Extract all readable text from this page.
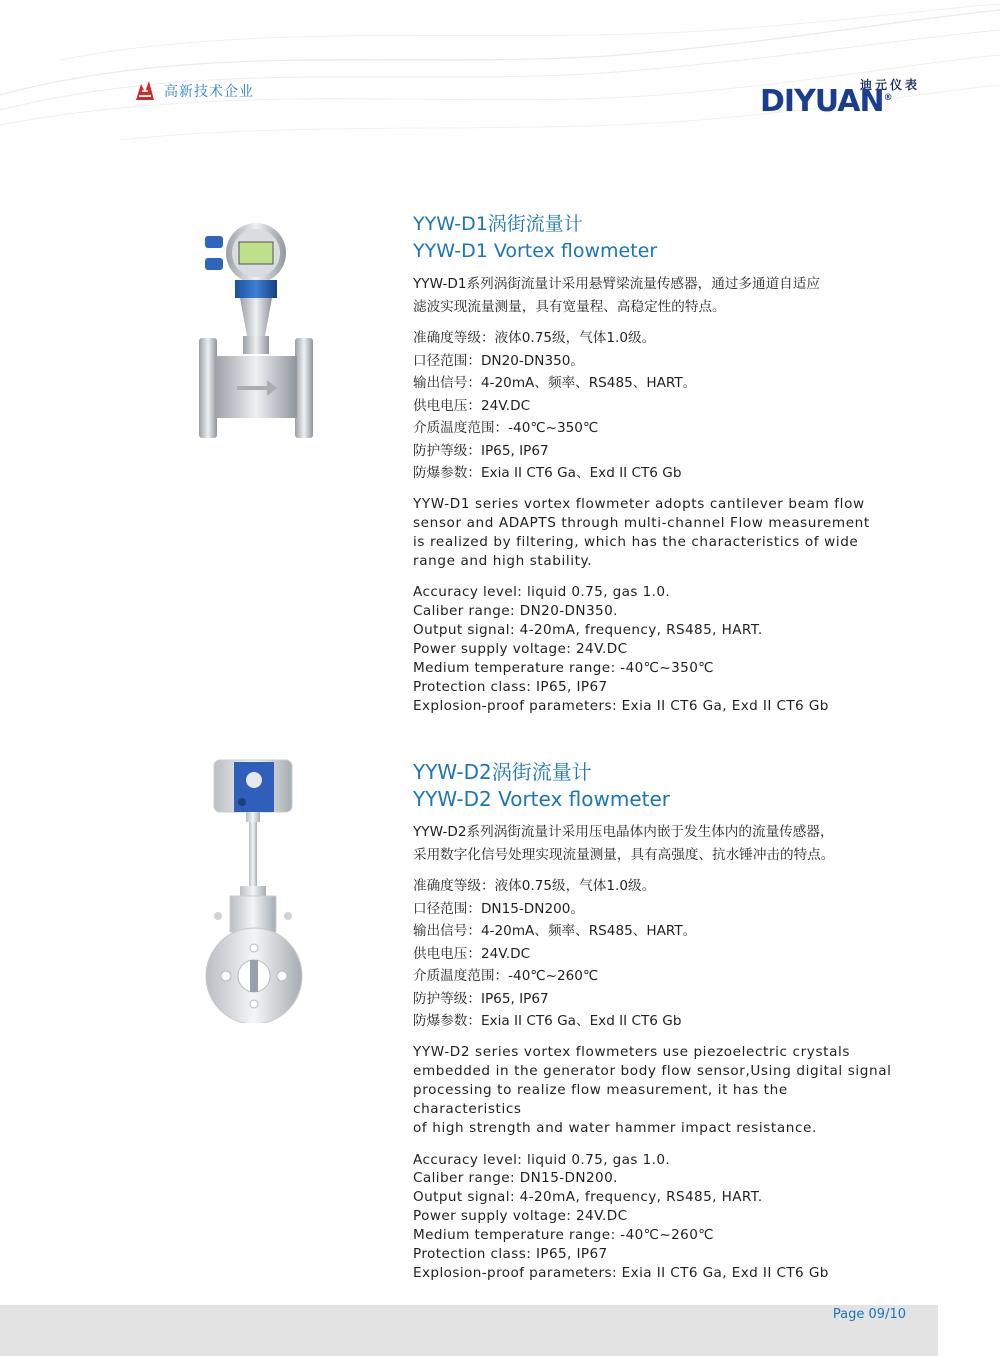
高新技术企业	迪元仪表
DIYUAN®
YYW-D1涡街流量计
YYW-D1 Vortex flowmeter

YYW-D1系列涡街流量计采用悬臂梁流量传感器，通过多通道自适应
滤波实现流量测量，具有宽量程、高稳定性的特点。

准确度等级：液体0.75级，气体1.0级。
口径范围：DN20-DN350。
输出信号：4-20mA、频率、RS485、HART。
供电电压：24V.DC
介质温度范围：-40℃~350℃
防护等级：IP65, IP67
防爆参数：Exia II CT6 Ga、Exd II CT6 Gb

YYW-D1 series vortex flowmeter adopts cantilever beam flow
sensor and ADAPTS through multi-channel Flow measurement
is realized by filtering, which has the characteristics of wide
range and high stability.

Accuracy level: liquid 0.75, gas 1.0.
Caliber range: DN20-DN350.
Output signal: 4-20mA, frequency, RS485, HART.
Power supply voltage: 24V.DC
Medium temperature range: -40℃~350℃
Protection class: IP65, IP67
Explosion-proof parameters: Exia II CT6 Ga, Exd II CT6 Gb
YYW-D2涡街流量计
YYW-D2 Vortex flowmeter

YYW-D2系列涡街流量计采用压电晶体内嵌于发生体内的流量传感器，
采用数字化信号处理实现流量测量，具有高强度、抗水锤冲击的特点。

准确度等级：液体0.75级，气体1.0级。
口径范围：DN15-DN200。
输出信号：4-20mA、频率、RS485、HART。
供电电压：24V.DC
介质温度范围：-40℃~260℃
防护等级：IP65, IP67
防爆参数：Exia II CT6 Ga、Exd II CT6 Gb

YYW-D2 series vortex flowmeters use piezoelectric crystals
embedded in the generator body flow sensor,Using digital signal
processing to realize flow measurement, it has the characteristics
of high strength and water hammer impact resistance.

Accuracy level: liquid 0.75, gas 1.0.
Caliber range: DN15-DN200.
Output signal: 4-20mA, frequency, RS485, HART.
Power supply voltage: 24V.DC
Medium temperature range: -40℃~260℃
Protection class: IP65, IP67
Explosion-proof parameters: Exia II CT6 Ga, Exd II CT6 Gb
Page 09/10
